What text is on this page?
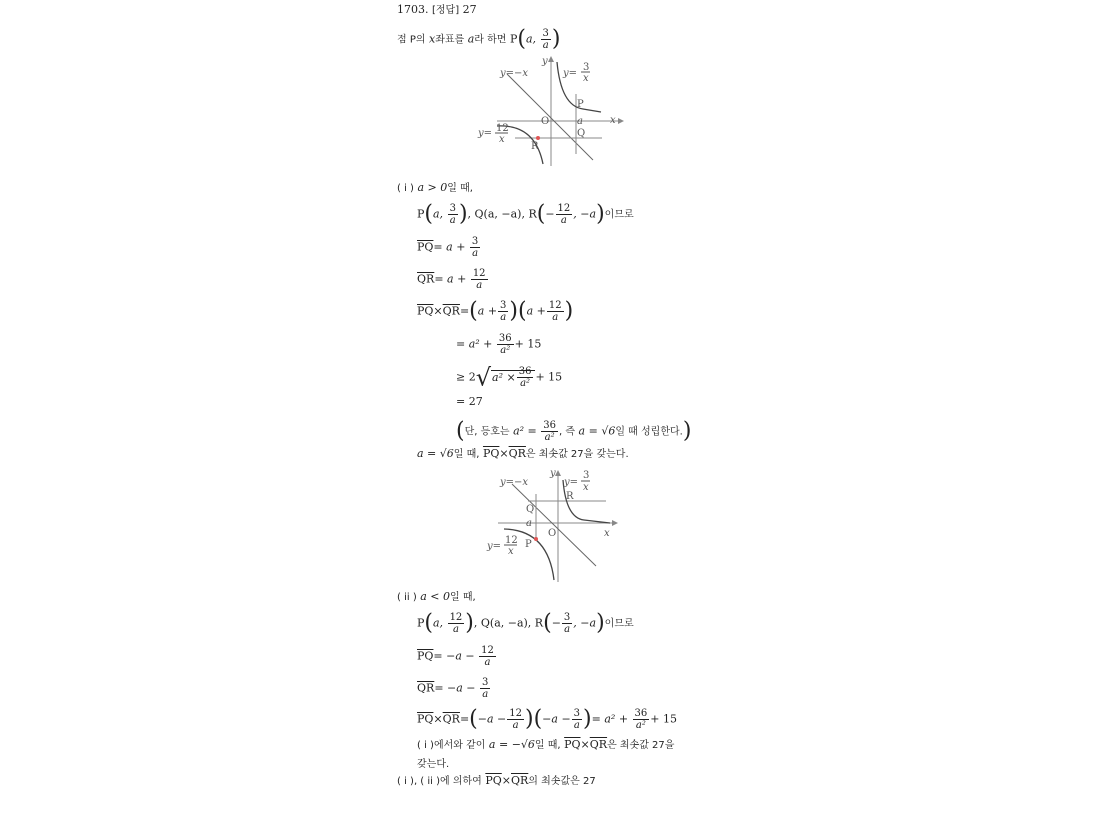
1703. [정답] 27
점 P의 x좌표를 a라 하면 P(a, $\frac{3}{a}$ )
y=−x	y=
3
x
y= 12
x
y
x
O	a
P
Q
R
( i ) a > 0일 때,
P(a, $\frac{3}{a}$ ), Q(a, −a), $R(- \frac{12}{a}$ , −a)이므로
$\overline{PQ}= a + \frac{3}{a}$
$\overline{QR}= a + \frac{12}{a}$
$\overline{PQ}\times\overline{QR}=(a + \frac{3}{a} )(a + \frac{12}{a}$ )
= $a^2 + \frac{36}{\text{a²}} + 15$
≥ $2√a^2 \times \frac{36}{\text{a²}} + 15$
= 27
(단, 등호는 $a^2 = \frac{36}{\text{a²}}$ , 즉 a = √6일 때 성립한다.)
a = √6일 때, $\overline{PQ}\times\overline{QR}$은 최솟값 27을 갖는다.
y=−x	y=
3
x
y=
12
x
y
x
O
a
Q
R
P
( ii ) a < 0일 때,
P(a, $\frac{12}{a}$ ), Q(a, −a), $R(- \frac{3}{a}$ , −a)이므로
$\overline{PQ}= -a - \frac{12}{a}$
$\overline{QR}= -a - \frac{3}{a}$
$\overline{PQ}\times\overline{QR}=(-a - \frac{12}{a} )(-a - \frac{3}{a}$ )= $a^2 + \frac{36}{\text{a²}} + 15$
( i )에서와 같이 a = −√6일 때, $\overline{PQ}\times\overline{QR}$은 최솟값 27을
갖는다.
( i ), ( ii )에 의하여 $\overline{PQ}\times\overline{QR}$의 최솟값은 27
